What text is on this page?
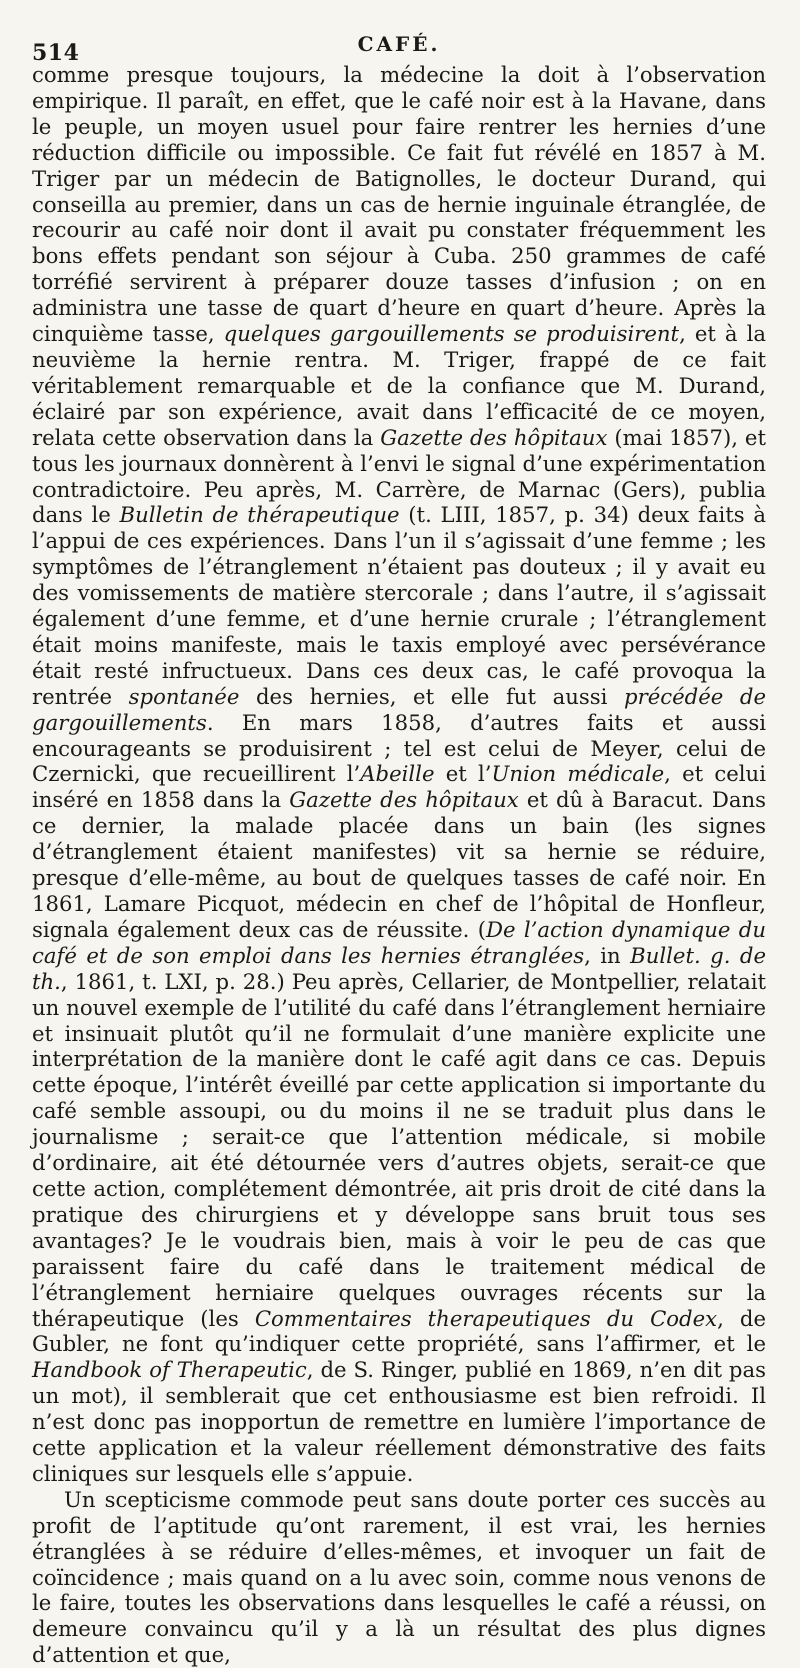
514	CAFÉ.

comme presque toujours, la médecine la doit à l’observation empirique. Il paraît, en effet, que le café noir est à la Havane, dans le peuple, un moyen usuel pour faire rentrer les hernies d’une réduction difficile ou impossible. Ce fait fut révélé en 1857 à M. Triger par un médecin de Batignolles, le docteur Durand, qui conseilla au premier, dans un cas de hernie inguinale étranglée, de recourir au café noir dont il avait pu constater fréquemment les bons effets pendant son séjour à Cuba. 250 grammes de café torréfié servirent à préparer douze tasses d’infusion ; on en administra une tasse de quart d’heure en quart d’heure. Après la cinquième tasse, quelques gargouillements se produisirent, et à la neuvième la hernie rentra. M. Triger, frappé de ce fait véritablement remarquable et de la confiance que M. Durand, éclairé par son expérience, avait dans l’efficacité de ce moyen, relata cette observation dans la Gazette des hôpitaux (mai 1857), et tous les journaux donnèrent à l’envi le signal d’une expérimentation contradictoire. Peu après, M. Carrère, de Marnac (Gers), publia dans le Bulletin de thérapeutique (t. LIII, 1857, p. 34) deux faits à l’appui de ces expériences. Dans l’un il s’agissait d’une femme ; les symptômes de l’étranglement n’étaient pas douteux ; il y avait eu des vomissements de matière stercorale ; dans l’autre, il s’agissait également d’une femme, et d’une hernie crurale ; l’étranglement était moins manifeste, mais le taxis employé avec persévérance était resté infructueux. Dans ces deux cas, le café provoqua la rentrée spontanée des hernies, et elle fut aussi précédée de gargouillements. En mars 1858, d’autres faits et aussi encourageants se produisirent ; tel est celui de Meyer, celui de Czernicki, que recueillirent l’Abeille et l’Union médicale, et celui inséré en 1858 dans la Gazette des hôpitaux et dû à Baracut. Dans ce dernier, la malade placée dans un bain (les signes d’étranglement étaient manifestes) vit sa hernie se réduire, presque d’elle-même, au bout de quelques tasses de café noir. En 1861, Lamare Picquot, médecin en chef de l’hôpital de Honfleur, signala également deux cas de réussite. (De l’action dynamique du café et de son emploi dans les hernies étranglées, in Bullet. g. de th., 1861, t. LXI, p. 28.) Peu après, Cellarier, de Montpellier, relatait un nouvel exemple de l’utilité du café dans l’étranglement herniaire et insinuait plutôt qu’il ne formulait d’une manière explicite une interprétation de la manière dont le café agit dans ce cas. Depuis cette époque, l’intérêt éveillé par cette application si importante du café semble assoupi, ou du moins il ne se traduit plus dans le journalisme ; serait-ce que l’attention médicale, si mobile d’ordinaire, ait été détournée vers d’autres objets, serait-ce que cette action, complétement démontrée, ait pris droit de cité dans la pratique des chirurgiens et y développe sans bruit tous ses avantages? Je le voudrais bien, mais à voir le peu de cas que paraissent faire du café dans le traitement médical de l’étranglement herniaire quelques ouvrages récents sur la thérapeutique (les Commentaires therapeutiques du Codex, de Gubler, ne font qu’indiquer cette propriété, sans l’affirmer, et le Handbook of Therapeutic, de S. Ringer, publié en 1869, n’en dit pas un mot), il semblerait que cet enthousiasme est bien refroidi. Il n’est donc pas inopportun de remettre en lumière l’importance de cette application et la valeur réellement démonstrative des faits cliniques sur lesquels elle s’appuie.

Un scepticisme commode peut sans doute porter ces succès au profit de l’aptitude qu’ont rarement, il est vrai, les hernies étranglées à se réduire d’elles-mêmes, et invoquer un fait de coïncidence ; mais quand on a lu avec soin, comme nous venons de le faire, toutes les observations dans lesquelles le café a réussi, on demeure convaincu qu’il y a là un résultat des plus dignes d’attention et que,
